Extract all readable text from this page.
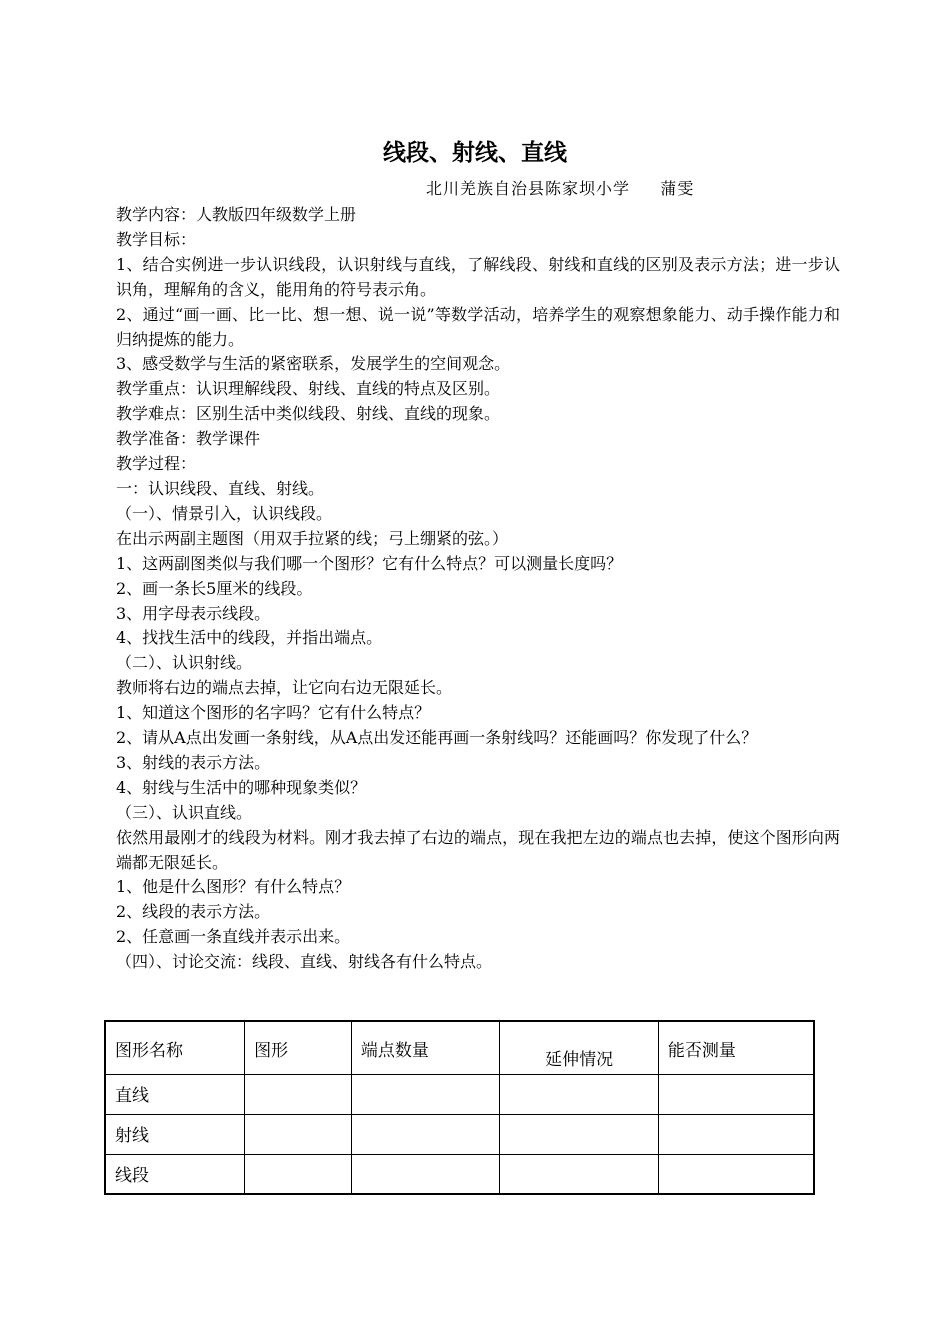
线段、射线、直线
北川羌族自治县陈家坝小学     蒲雯

教学内容：人教版四年级数学上册

教学目标：

1、结合实例进一步认识线段，认识射线与直线，了解线段、射线和直线的区别及表示方法；进一步认识角，理解角的含义，能用角的符号表示角。

2、通过“画一画、比一比、想一想、说一说”等数学活动，培养学生的观察想象能力、动手操作能力和归纳提炼的能力。

3、感受数学与生活的紧密联系，发展学生的空间观念。

教学重点：认识理解线段、射线、直线的特点及区别。

教学难点：区别生活中类似线段、射线、直线的现象。

教学准备：教学课件

教学过程：

一：认识线段、直线、射线。

（一）、情景引入，认识线段。

在出示两副主题图（用双手拉紧的线；弓上绷紧的弦。）

1、这两副图类似与我们哪一个图形？它有什么特点？可以测量长度吗？

2、画一条长5厘米的线段。

3、用字母表示线段。

4、找找生活中的线段，并指出端点。

（二）、认识射线。

教师将右边的端点去掉，让它向右边无限延长。

1、知道这个图形的名字吗？它有什么特点？

2、请从A点出发画一条射线，从A点出发还能再画一条射线吗？还能画吗？你发现了什么？

3、射线的表示方法。

4、射线与生活中的哪种现象类似？

（三）、认识直线。

依然用最刚才的线段为材料。刚才我去掉了右边的端点，现在我把左边的端点也去掉，使这个图形向两端都无限延长。

1、他是什么图形？有什么特点？

2、线段的表示方法。

2、任意画一条直线并表示出来。

（四）、讨论交流：线段、直线、射线各有什么特点。

图形名称	图形	端点数量	延伸情况	能否测量
直线				
射线				
线段				
